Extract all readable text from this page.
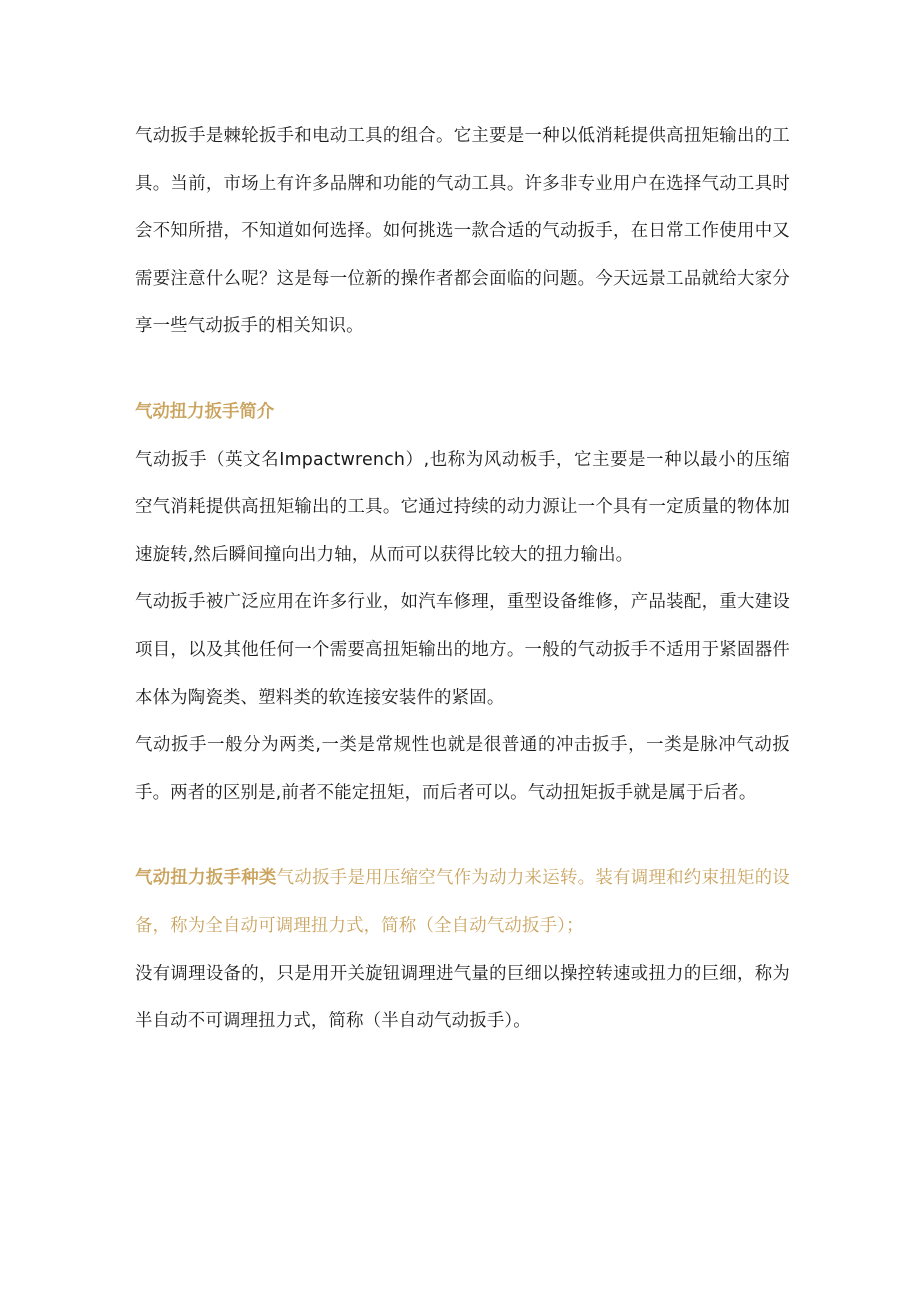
气动扳手是棘轮扳手和电动工具的组合。它主要是一种以低消耗提供高扭矩输出的工具。当前，市场上有许多品牌和功能的气动工具。许多非专业用户在选择气动工具时会不知所措，不知道如何选择。如何挑选一款合适的气动扳手，在日常工作使用中又需要注意什么呢？这是每一位新的操作者都会面临的问题。今天远景工品就给大家分享一些气动扳手的相关知识。

气动扭力扳手简介

气动扳手（英文名Impactwrench）,也称为风动板手，它主要是一种以最小的压缩空气消耗提供高扭矩输出的工具。它通过持续的动力源让一个具有一定质量的物体加速旋转,然后瞬间撞向出力轴，从而可以获得比较大的扭力输出。

气动扳手被广泛应用在许多行业，如汽车修理，重型设备维修，产品装配，重大建设项目，以及其他任何一个需要高扭矩输出的地方。一般的气动扳手不适用于紧固器件本体为陶瓷类、塑料类的软连接安装件的紧固。

气动扳手一般分为两类,一类是常规性也就是很普通的冲击扳手，一类是脉冲气动扳手。两者的区别是,前者不能定扭矩，而后者可以。气动扭矩扳手就是属于后者。

气动扭力扳手种类气动扳手是用压缩空气作为动力来运转。装有调理和约束扭矩的设备，称为全自动可调理扭力式，简称（全自动气动扳手）；

没有调理设备的，只是用开关旋钮调理进气量的巨细以操控转速或扭力的巨细，称为半自动不可调理扭力式，简称（半自动气动扳手）。
